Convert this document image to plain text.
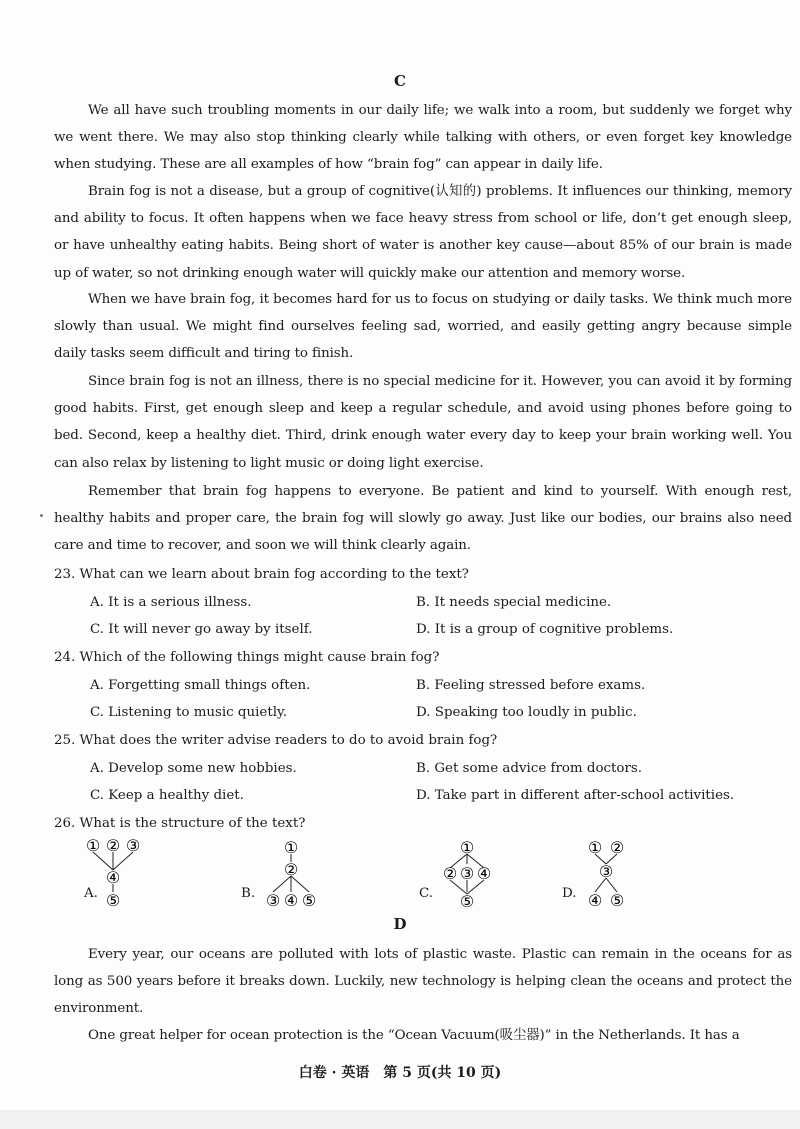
C
We all have such troubling moments in our daily life; we walk into a room, but suddenly we forget why we went there. We may also stop thinking clearly while talking with others, or even forget key knowledge when studying. These are all examples of how “brain fog” can appear in daily life.
Brain fog is not a disease, but a group of cognitive(认知的) problems. It influences our thinking, memory and ability to focus. It often happens when we face heavy stress from school or life, don’t get enough sleep, or have unhealthy eating habits. Being short of water is another key cause—about 85% of our brain is made up of water, so not drinking enough water will quickly make our attention and memory worse.
When we have brain fog, it becomes hard for us to focus on studying or daily tasks. We think much more slowly than usual. We might find ourselves feeling sad, worried, and easily getting angry because simple daily tasks seem difficult and tiring to finish.
Since brain fog is not an illness, there is no special medicine for it. However, you can avoid it by forming good habits. First, get enough sleep and keep a regular schedule, and avoid using phones before going to bed. Second, keep a healthy diet. Third, drink enough water every day to keep your brain working well. You can also relax by listening to light music or doing light exercise.
Remember that brain fog happens to everyone. Be patient and kind to yourself. With enough rest, healthy habits and proper care, the brain fog will slowly go away. Just like our bodies, our brains also need care and time to recover, and soon we will think clearly again.
23. What can we learn about brain fog according to the text?
A. It is a serious illness.	B. It needs special medicine.
C. It will never go away by itself.	D. It is a group of cognitive problems.
24. Which of the following things might cause brain fog?
A. Forgetting small things often.	B. Feeling stressed before exams.
C. Listening to music quietly.	D. Speaking too loudly in public.
25. What does the writer advise readers to do to avoid brain fog?
A. Develop some new hobbies.	B. Get some advice from doctors.
C. Keep a healthy diet.	D. Take part in different after-school activities.
26. What is the structure of the text?
① ② ③
④
⑤
A.
①
②
③ ④ ⑤
B.
①
② ③ ④
⑤
C.
① ②
③
④ ⑤
D.
D
Every year, our oceans are polluted with lots of plastic waste. Plastic can remain in the oceans for as long as 500 years before it breaks down. Luckily, new technology is helping clean the oceans and protect the environment.
One great helper for ocean protection is the “Ocean Vacuum(吸尘器)” in the Netherlands. It has a
白卷 · 英语　第 5 页(共 10 页)
